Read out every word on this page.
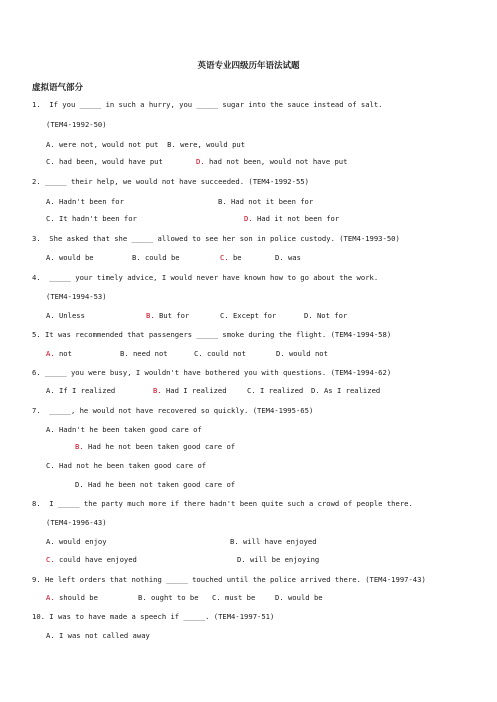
英语专业四级历年语法试题
虚拟语气部分
1.  If you _____ in such a hurry, you _____ sugar into the sauce instead of salt.
(TEM4-1992-50)
A. were not, would not put  B. were, would put
C. had been, would have put	D. had not been, would not have put
2. _____ their help, we would not have succeeded. (TEM4-1992-55)
A. Hadn't been for	B. Had not it been for
C. It hadn't been for	D. Had it not been for
3.  She asked that she _____ allowed to see her son in police custody. (TEM4-1993-50)
A. would be	B. could be	C. be	D. was
4.  _____ your timely advice, I would never have known how to go about the work.
(TEM4-1994-53)
A. Unless	B. But for	C. Except for	D. Not for
5. It was recommended that passengers _____ smoke during the flight. (TEM4-1994-58)
A. not	B. need not	C. could not	D. would not
6. _____ you were busy, I wouldn't have bothered you with questions. (TEM4-1994-62)
A. If I realized	B. Had I realized	C. I realized D. As I realized
7.  _____, he would not have recovered so quickly. (TEM4-1995-65)
A. Hadn't he been taken good care of
B. Had he not been taken good care of
C. Had not he been taken good care of
D. Had he been not taken good care of
8.  I _____ the party much more if there hadn't been quite such a crowd of people there.
(TEM4-1996-43)
A. would enjoy	B. will have enjoyed
C. could have enjoyed	D. will be enjoying
9. He left orders that nothing _____ touched until the police arrived there. (TEM4-1997-43)
A. should be	B. ought to be C. must be	D. would be
10. I was to have made a speech if _____. (TEM4-1997-51)
A. I was not called away
